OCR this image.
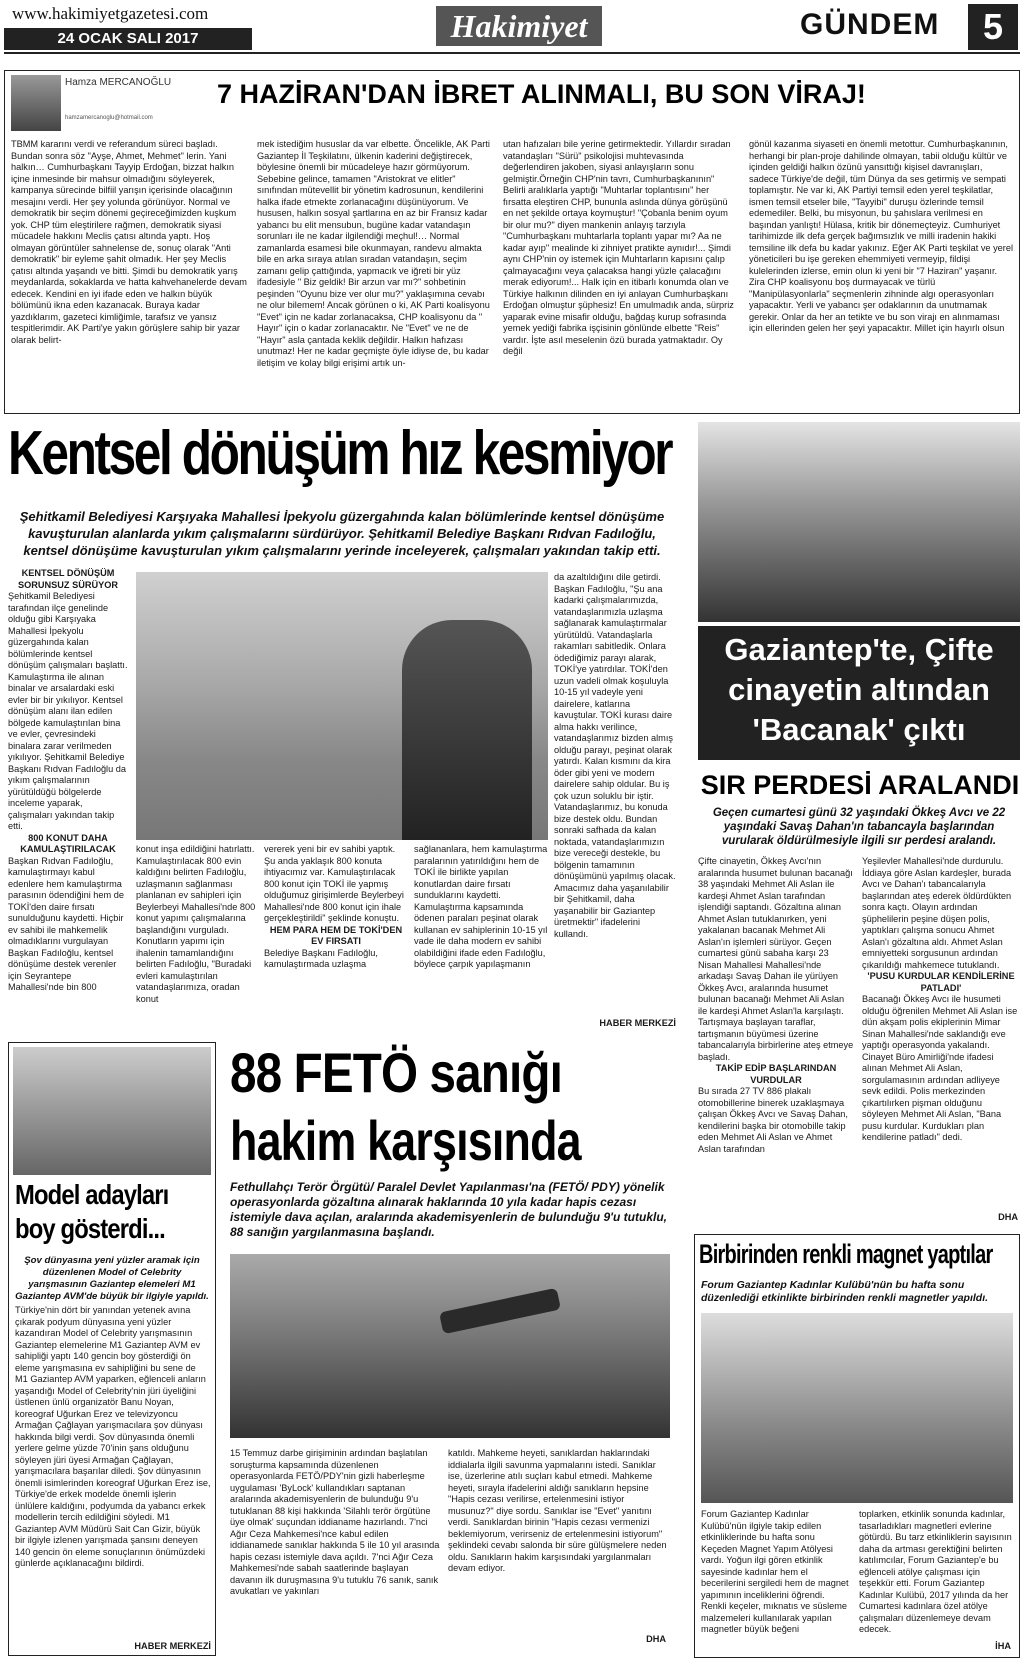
www.hakimiyetgazetesi.com
24 OCAK SALI 2017	Hakimiyet	GÜNDEM	5
Hamza MERCANOĞLU
hamzamercanoglu@hotmail.com
7 HAZİRAN'DAN İBRET ALINMALI, BU SON VİRAJ!
TBMM kararını verdi ve referandum süreci başladı. Bundan sonra söz "Ayşe, Ahmet, Mehmet" lerin. Yani halkın… Cumhurbaşkanı Tayyip Erdoğan, bizzat halkın içine inmesinde bir mahsur olmadığını söyleyerek, kampanya sürecinde bilfiil yarışın içerisinde olacağının mesajını verdi. Her şey yolunda görünüyor. Normal ve demokratik bir seçim dönemi geçireceğimizden kuşkum yok. CHP tüm eleştirilere rağmen, demokratik siyasi mücadele hakkını Meclis çatısı altında yaptı. Hoş olmayan görüntüler sahnelense de, sonuç olarak "Anti demokratik" bir eyleme şahit olmadık. Her şey Meclis çatısı altında yaşandı ve bitti. Şimdi bu demokratik yarış meydanlarda, sokaklarda ve hatta kahvehanelerde devam edecek. Kendini en iyi ifade eden ve halkın büyük bölümünü ikna eden kazanacak. Buraya kadar yazdıklarım, gazeteci kimliğimle, tarafsız ve yansız tespitlerimdir. AK Parti'ye yakın görüşlere sahip bir yazar olarak belirt-
mek istediğim hususlar da var elbette. Öncelikle, AK Parti Gaziantep İl Teşkilatını, ülkenin kaderini değiştirecek, böylesine önemli bir mücadeleye hazır görmüyorum. Sebebine gelince, tamamen "Aristokrat ve elitler" sınıfından mütevellit bir yönetim kadrosunun, kendilerini halka ifade etmekte zorlanacağını düşünüyorum. Ve hususen, halkın sosyal şartlarına en az bir Fransız kadar yabancı bu elit mensubun, bugüne kadar vatandaşın sorunları ile ne kadar ilgilendiği meçhul!… Normal zamanlarda esamesi bile okunmayan, randevu almakta bile en arka sıraya atılan sıradan vatandaşın, seçim zamanı gelip çattığında, yapmacık ve iğreti bir yüz ifadesiyle " Biz geldik! Bir arzun var mı?" sohbetinin peşinden "Oyunu bize ver olur mu?" yaklaşımına cevabı ne olur bilemem! Ancak görünen o ki, AK Parti koalisyonu "Evet" için ne kadar zorlanacaksa, CHP koalisyonu da " Hayır" için o kadar zorlanacaktır. Ne "Evet" ve ne de "Hayır" asla çantada keklik değildir. Halkın hafızası unutmaz! Her ne kadar geçmişte öyle idiyse de, bu kadar iletişim ve kolay bilgi erişimi artık un-
utan hafızaları bile yerine getirmektedir. Yıllardır sıradan vatandaşları "Sürü" psikolojisi muhtevasında değerlendiren jakoben, siyasi anlayışların sonu gelmiştir.Örneğin CHP'nin tavrı, Cumhurbaşkanının" Belirli aralıklarla yaptığı "Muhtarlar toplantısını" her fırsatta eleştiren CHP, bununla aslında dünya görüşünü en net şekilde ortaya koymuştur! "Çobanla benim oyum bir olur mu?" diyen mankenin anlayış tarzıyla "Cumhurbaşkanı muhtarlarla toplantı yapar mı? Aa ne kadar ayıp" mealinde ki zihniyet pratikte aynıdır!... Şimdi aynı CHP'nin oy istemek için Muhtarların kapısını çalıp çalmayacağını veya çalacaksa hangi yüzle çalacağını merak ediyorum!... Halk için en itibarlı konumda olan ve Türkiye halkının dilinden en iyi anlayan Cumhurbaşkanı Erdoğan olmuştur şüphesiz! En umulmadık anda, sürpriz yaparak evine misafir olduğu, bağdaş kurup sofrasında yemek yediği fabrika işçisinin gönlünde elbette "Reis" vardır. İşte asıl meselenin özü burada yatmaktadır. Oy değil
gönül kazanma siyaseti en önemli metottur. Cumhurbaşkanının, herhangi bir plan-proje dahilinde olmayan, tabii olduğu kültür ve içinden geldiği halkın özünü yansıttığı kişisel davranışları, sadece Türkiye'de değil, tüm Dünya da ses getirmiş ve sempati toplamıştır. Ne var ki, AK Partiyi temsil eden yerel teşkilatlar, ismen temsil etseler bile, "Tayyibi" duruşu özlerinde temsil edemediler. Belki, bu misyonun, bu şahıslara verilmesi en başından yanlıştı! Hülasa, kritik bir dönemeçteyiz. Cumhuriyet tarihimizde ilk defa gerçek bağımsızlık ve milli iradenin hakiki temsiline ilk defa bu kadar yakınız. Eğer AK Parti teşkilat ve yerel yöneticileri bu işe gereken ehemmiyeti vermeyip, fildişi kulelerinden izlerse, emin olun ki yeni bir "7 Haziran" yaşanır. Zira CHP koalisyonu boş durmayacak ve türlü "Manipülasyonlarla" seçmenlerin zihninde algı operasyonları yapacaktır. Yerli ve yabancı şer odaklarının da unutmamak gerekir. Onlar da her an tetikte ve bu son virajı en alınmaması için ellerinden gelen her şeyi yapacaktır. Millet için hayırlı olsun
Kentsel dönüşüm hız kesmiyor
Şehitkamil Belediyesi Karşıyaka Mahallesi İpekyolu güzergahında kalan bölümlerinde kentsel dönüşüme kavuşturulan alanlarda yıkım çalışmalarını sürdürüyor. Şehitkamil Belediye Başkanı Rıdvan Fadıloğlu, kentsel dönüşüme kavuşturulan yıkım çalışmalarını yerinde inceleyerek, çalışmaları yakından takip etti.
KENTSEL DÖNÜŞÜM SORUNSUZ SÜRÜYOR
Şehitkamil Belediyesi tarafından ilçe genelinde olduğu gibi Karşıyaka Mahallesi İpekyolu güzergahında kalan bölümlerinde kentsel dönüşüm çalışmaları başlattı. Kamulaştırma ile alınan binalar ve arsalardaki eski evler bir bir yıkılıyor. Kentsel dönüşüm alanı ilan edilen bölgede kamulaştırılan bina ve evler, çevresindeki binalara zarar verilmeden yıkılıyor. Şehitkamil Belediye Başkanı Rıdvan Fadıloğlu da yıkım çalışmalarının yürütüldüğü bölgelerde inceleme yaparak, çalışmaları yakından takip etti.
800 KONUT DAHA KAMULAŞTIRILACAK
Başkan Rıdvan Fadıloğlu, kamulaştırmayı kabul edenlere hem kamulaştırma parasının ödendiğini hem de TOKİ'den daire fırsatı sunulduğunu kaydetti. Hiçbir ev sahibi ile mahkemelik olmadıklarını vurgulayan Başkan Fadıloğlu, kentsel dönüşüme destek verenler için Seyrantepe Mahallesi'nde bin 800
konut inşa edildiğini hatırlattı. Kamulaştırılacak 800 evin kaldığını belirten Fadıloğlu, uzlaşmanın sağlanması planlanan ev sahipleri için Beylerbeyi Mahallesi'nde 800 konut yapımı çalışmalarına başlandığını vurguladı. Konutların yapımı için ihalenin tamamlandığını belirten Fadıloğlu, "Buradaki evleri kamulaştırılan vatandaşlarımıza, oradan konut
vererek yeni bir ev sahibi yaptık. Şu anda yaklaşık 800 konuta ihtiyacımız var. Kamulaştırılacak 800 konut için TOKİ ile yapmış olduğumuz girişimlerde Beylerbeyi Mahallesi'nde 800 konut için ihale gerçekleştirildi" şeklinde konuştu.
HEM PARA HEM DE TOKİ'DEN EV FIRSATI
Belediye Başkanı Fadıloğlu, kamulaştırmada uzlaşma
sağlananlara, hem kamulaştırma paralarının yatırıldığını hem de TOKİ ile birlikte yapılan konutlardan daire fırsatı sunduklarını kaydetti. Kamulaştırma kapsamında ödenen paraları peşinat olarak kullanan ev sahiplerinin 10-15 yıl vade ile daha modern ev sahibi olabildiğini ifade eden Fadıloğlu, böylece çarpık yapılaşmanın
da azaltıldığını dile getirdi. Başkan Fadıloğlu, "Şu ana kadarki çalışmalarımızda, vatandaşlarımızla uzlaşma sağlanarak kamulaştırmalar yürütüldü. Vatandaşlarla rakamları sabitledik. Onlara ödediğimiz parayı alarak, TOKİ'ye yatırdılar. TOKİ'den uzun vadeli olmak koşuluyla 10-15 yıl vadeyle yeni dairelere, katlarına kavuştular. TOKİ kurası daire alma hakkı verilince, vatandaşlarımız bizden almış olduğu parayı, peşinat olarak yatırdı. Kalan kısmını da kira öder gibi yeni ve modern dairelere sahip oldular. Bu iş çok uzun soluklu bir iştir. Vatandaşlarımız, bu konuda bize destek oldu. Bundan sonraki safhada da kalan noktada, vatandaşlarımızın bize vereceği destekle, bu bölgenin tamamının dönüşümünü yapılmış olacak. Amacımız daha yaşanılabilir bir Şehitkamil, daha yaşanabilir bir Gaziantep üretmektir" ifadelerini kullandı.
HABER MERKEZİ
Model adayları
boy gösterdi...
Şov dünyasına yeni yüzler aramak için düzenlenen Model of Celebrity yarışmasının Gaziantep elemeleri M1 Gaziantep AVM'de büyük bir ilgiyle yapıldı.
Türkiye'nin dört bir yanından yetenek avına çıkarak podyum dünyasına yeni yüzler kazandıran Model of Celebrity yarışmasının Gaziantep elemelerine M1 Gaziantep AVM ev sahipliği yaptı 140 gencin boy gösterdiği ön eleme yarışmasına ev sahipliğini bu sene de M1 Gaziantep AVM yaparken, eğlenceli anların yaşandığı Model of Celebrity'nin jüri üyeliğini üstlenen ünlü organizatör Banu Noyan, koreograf Uğurkan Erez ve televizyoncu Armağan Çağlayan yarışmacılara şov dünyası hakkında bilgi verdi. Şov dünyasında önemli yerlere gelme yüzde 70'inin şans olduğunu söyleyen jüri üyesi Armağan Çağlayan, yarışmacılara başarılar diledi. Şov dünyasının önemli isimlerinden koreograf Uğurkan Erez ise, Türkiye'de erkek modelde önemli işlerin ünlülere kaldığını, podyumda da yabancı erkek modellerin tercih edildiğini söyledi. M1 Gaziantep AVM Müdürü Sait Can Gizir, büyük bir ilgiyle izlenen yarışmada şansını deneyen 140 gencin ön eleme sonuçlarının önümüzdeki günlerde açıklanacağını bildirdi.
HABER MERKEZİ
88 FETÖ sanığı
hakim karşısında
Fethullahçı Terör Örgütü/ Paralel Devlet Yapılanması'na (FETÖ/ PDY) yönelik operasyonlarda gözaltına alınarak haklarında 10 yıla kadar hapis cezası istemiyle dava açılan, aralarında akademisyenlerin de bulunduğu 9'u tutuklu, 88 sanığın yargılanmasına başlandı.
15 Temmuz darbe girişiminin ardından başlatılan soruşturma kapsamında düzenlenen operasyonlarda FETÖ/PDY'nin gizli haberleşme uygulaması 'ByLock' kullandıkları saptanan aralarında akademisyenlerin de bulunduğu 9'u tutuklanan 88 kişi hakkında 'Silahlı terör örgütüne üye olmak' suçundan iddianame hazırlandı. 7'nci Ağır Ceza Mahkemesi'nce kabul edilen iddianamede sanıklar hakkında 5 ile 10 yıl arasında hapis cezası istemiyle dava açıldı. 7'nci Ağır Ceza Mahkemesi'nde sabah saatlerinde başlayan davanın ilk duruşmasına 9'u tutuklu 76 sanık, sanık avukatları ve yakınları
katıldı. Mahkeme heyeti, sanıklardan haklarındaki iddialarla ilgili savunma yapmalarını istedi. Sanıklar ise, üzerlerine atılı suçları kabul etmedi. Mahkeme heyeti, sırayla ifadelerini aldığı sanıkların hepsine "Hapis cezası verilirse, ertelenmesini istiyor musunuz?" diye sordu. Sanıklar ise "Evet" yanıtını verdi. Sanıklardan birinin "Hapis cezası vermenizi beklemiyorum, verirseniz de ertelenmesini istiyorum" şeklindeki cevabı salonda bir süre gülüşmelere neden oldu. Sanıkların hakim karşısındaki yargılanmaları devam ediyor.
DHA
Gaziantep'te, Çifte
cinayetin altından
'Bacanak' çıktı
SIR PERDESİ ARALANDI
Geçen cumartesi günü 32 yaşındaki Ökkeş Avcı ve 22 yaşındaki Savaş Dahan'ın tabancayla başlarından vurularak öldürülmesiyle ilgili sır perdesi aralandı.
Çifte cinayetin, Ökkeş Avcı'nın aralarında husumet bulunan bacanağı 38 yaşındaki Mehmet Ali Aslan ile kardeşi Ahmet Aslan tarafından işlendiği saptandı. Gözaltına alınan Ahmet Aslan tutuklanırken, yeni yakalanan bacanak Mehmet Ali Aslan'ın işlemleri sürüyor. Geçen cumartesi günü sabaha karşı 23 Nisan Mahallesi Mahallesi'nde arkadaşı Savaş Dahan ile yürüyen Ökkeş Avcı, aralarında husumet bulunan bacanağı Mehmet Ali Aslan ile kardeşi Ahmet Aslan'la karşılaştı. Tartışmaya başlayan taraflar, tartışmanın büyümesi üzerine tabancalarıyla birbirlerine ateş etmeye başladı.
TAKİP EDİP BAŞLARINDAN VURDULAR
Bu sırada 27 TV 886 plakalı otomobillerine binerek uzaklaşmaya çalışan Ökkeş Avcı ve Savaş Dahan, kendilerini başka bir otomobille takip eden Mehmet Ali Aslan ve Ahmet Aslan tarafından
Yeşilevler Mahallesi'nde durdurulu. İddiaya göre Aslan kardeşler, burada Avcı ve Dahan'ı tabancalarıyla başlarından ateş ederek öldürdükten sonra kaçtı. Olayın ardından şüphelilerin peşine düşen polis, yaptıkları çalışma sonucu Ahmet Aslan'ı gözaltına aldı. Ahmet Aslan emniyetteki sorgusunun ardından çıkarıldığı mahkemece tutuklandı.
'PUSU KURDULAR KENDİLERİNE PATLADI'
Bacanağı Ökkeş Avcı ile husumeti olduğu öğrenilen Mehmet Ali Aslan ise dün akşam polis ekiplerinin Mimar Sinan Mahallesi'nde saklandığı eve yaptığı operasyonda yakalandı. Cinayet Büro Amirliği'nde ifadesi alınan Mehmet Ali Aslan, sorgulamasının ardından adliyeye sevk edildi. Polis merkezinden çıkartılırken pişman olduğunu söyleyen Mehmet Ali Aslan, "Bana pusu kurdular. Kurdukları plan kendilerine patladı" dedi.
DHA
Birbirinden renkli magnet yaptılar
Forum Gaziantep Kadınlar Kulübü'nün bu hafta sonu düzenlediği etkinlikte birbirinden renkli magnetler yapıldı.
Forum Gaziantep Kadınlar Kulübü'nün ilgiyle takip edilen etkinliklerinde bu hafta sonu Keçeden Magnet Yapım Atölyesi vardı. Yoğun ilgi gören etkinlik sayesinde kadınlar hem el becerilerini sergiledi hem de magnet yapımının inceliklerini öğrendi. Renkli keçeler, mıknatıs ve süsleme malzemeleri kullanılarak yapılan magnetler büyük beğeni
toplarken, etkinlik sonunda kadınlar, tasarladıkları magnetleri evlerine götürdü. Bu tarz etkinliklerin sayısının daha da artması gerektiğini belirten katılımcılar, Forum Gaziantep'e bu eğlenceli atölye çalışması için teşekkür etti. Forum Gaziantep Kadınlar Kulübü, 2017 yılında da her Cumartesi kadınlara özel atölye çalışmaları düzenlemeye devam edecek.
İHA
